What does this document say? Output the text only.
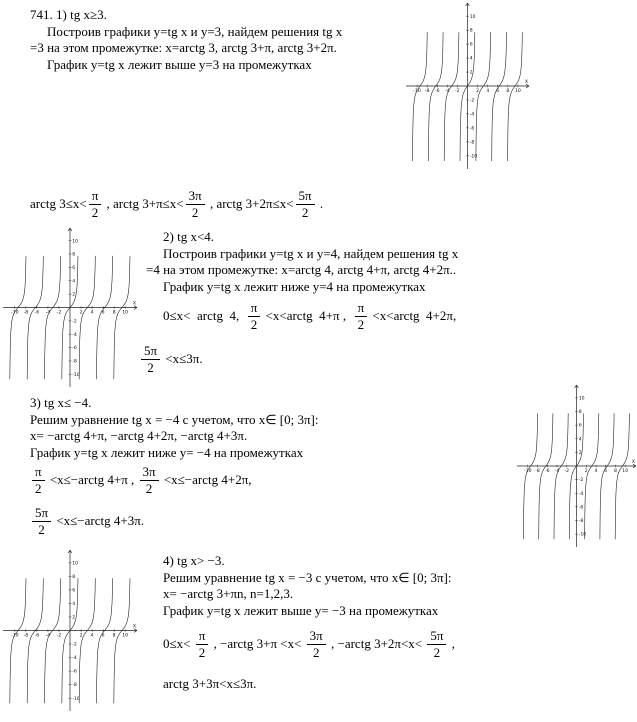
X
-10 -8 -6 -4 -2	2 4 6 8 10
-10
-8
-6
-4
-2
2
4
6
8
10
X
-10 -8 -6 -4 -2	2 4 6 8 10
-10
-8
-6
-4
-2
2
4
6
8
10
X
-10 -8 -6 -4 -2	2 4 6 8 10
-10
-8
-6
-4
-2
2
4
6
8
10
X
-10 -8 -6 -4 -2	2 4 6 8 10
-10
-8
-6
-4
-2
2
4
6
8
10
741. 1) tg x≥3.
Построив графики y=tg x и y=3, найдем решения tg x
=3 на этом промежутке: x=arctg 3, arctg 3+π, arctg 3+2π.
График y=tg x лежит выше y=3 на промежутках
arctg $3\le x< \frac{\pi}{2}$ , arctg $3+\pi\le x< \frac{3\pi}{2}$ , arctg $3+2\pi\le x< \frac{5\pi}{2}$ .
2) tg x<4.
Построив графики y=tg x и y=4, найдем решения tg x
=4 на этом промежутке: x=arctg 4, arctg 4+π, arctg 4+2π..
График y=tg x лежит ниже y=4 на промежутках
0≤x<  arctg  4, $\frac{\pi}{2}$ <x<arctg  4+π , $\frac{\pi}{2}$ <x<arctg  4+2π,
$\frac{5\pi}{2} <x\le 3\pi$.
3) tg x≤ −4.
Решим уравнение tg x = −4 с учетом, что x∈ [0; 3π]:
x= −arctg 4+π, −arctg 4+2π, −arctg 4+3π.
График y=tg x лежит ниже y= −4 на промежутках
$\frac{\pi}{2}$ <x≤−arctg 4+π , $\frac{3\pi}{2}$ <x≤−arctg 4+2π,
$\frac{5\pi}{2}$ <x≤−arctg 4+3π.
4) tg x> −3.
Решим уравнение tg x = −3 с учетом, что x∈ [0; 3π]:
x= −arctg 3+πn, n=1,2,3.
График y=tg x лежит выше y= −3 на промежутках
$0\le x< \frac{\pi}{2}$ , −arctg $3+\pi <x< \frac{3\pi}{2}$ , −arctg $3+2\pi<x< \frac{5\pi}{2}$ ,
arctg 3+3π<x≤3π.
